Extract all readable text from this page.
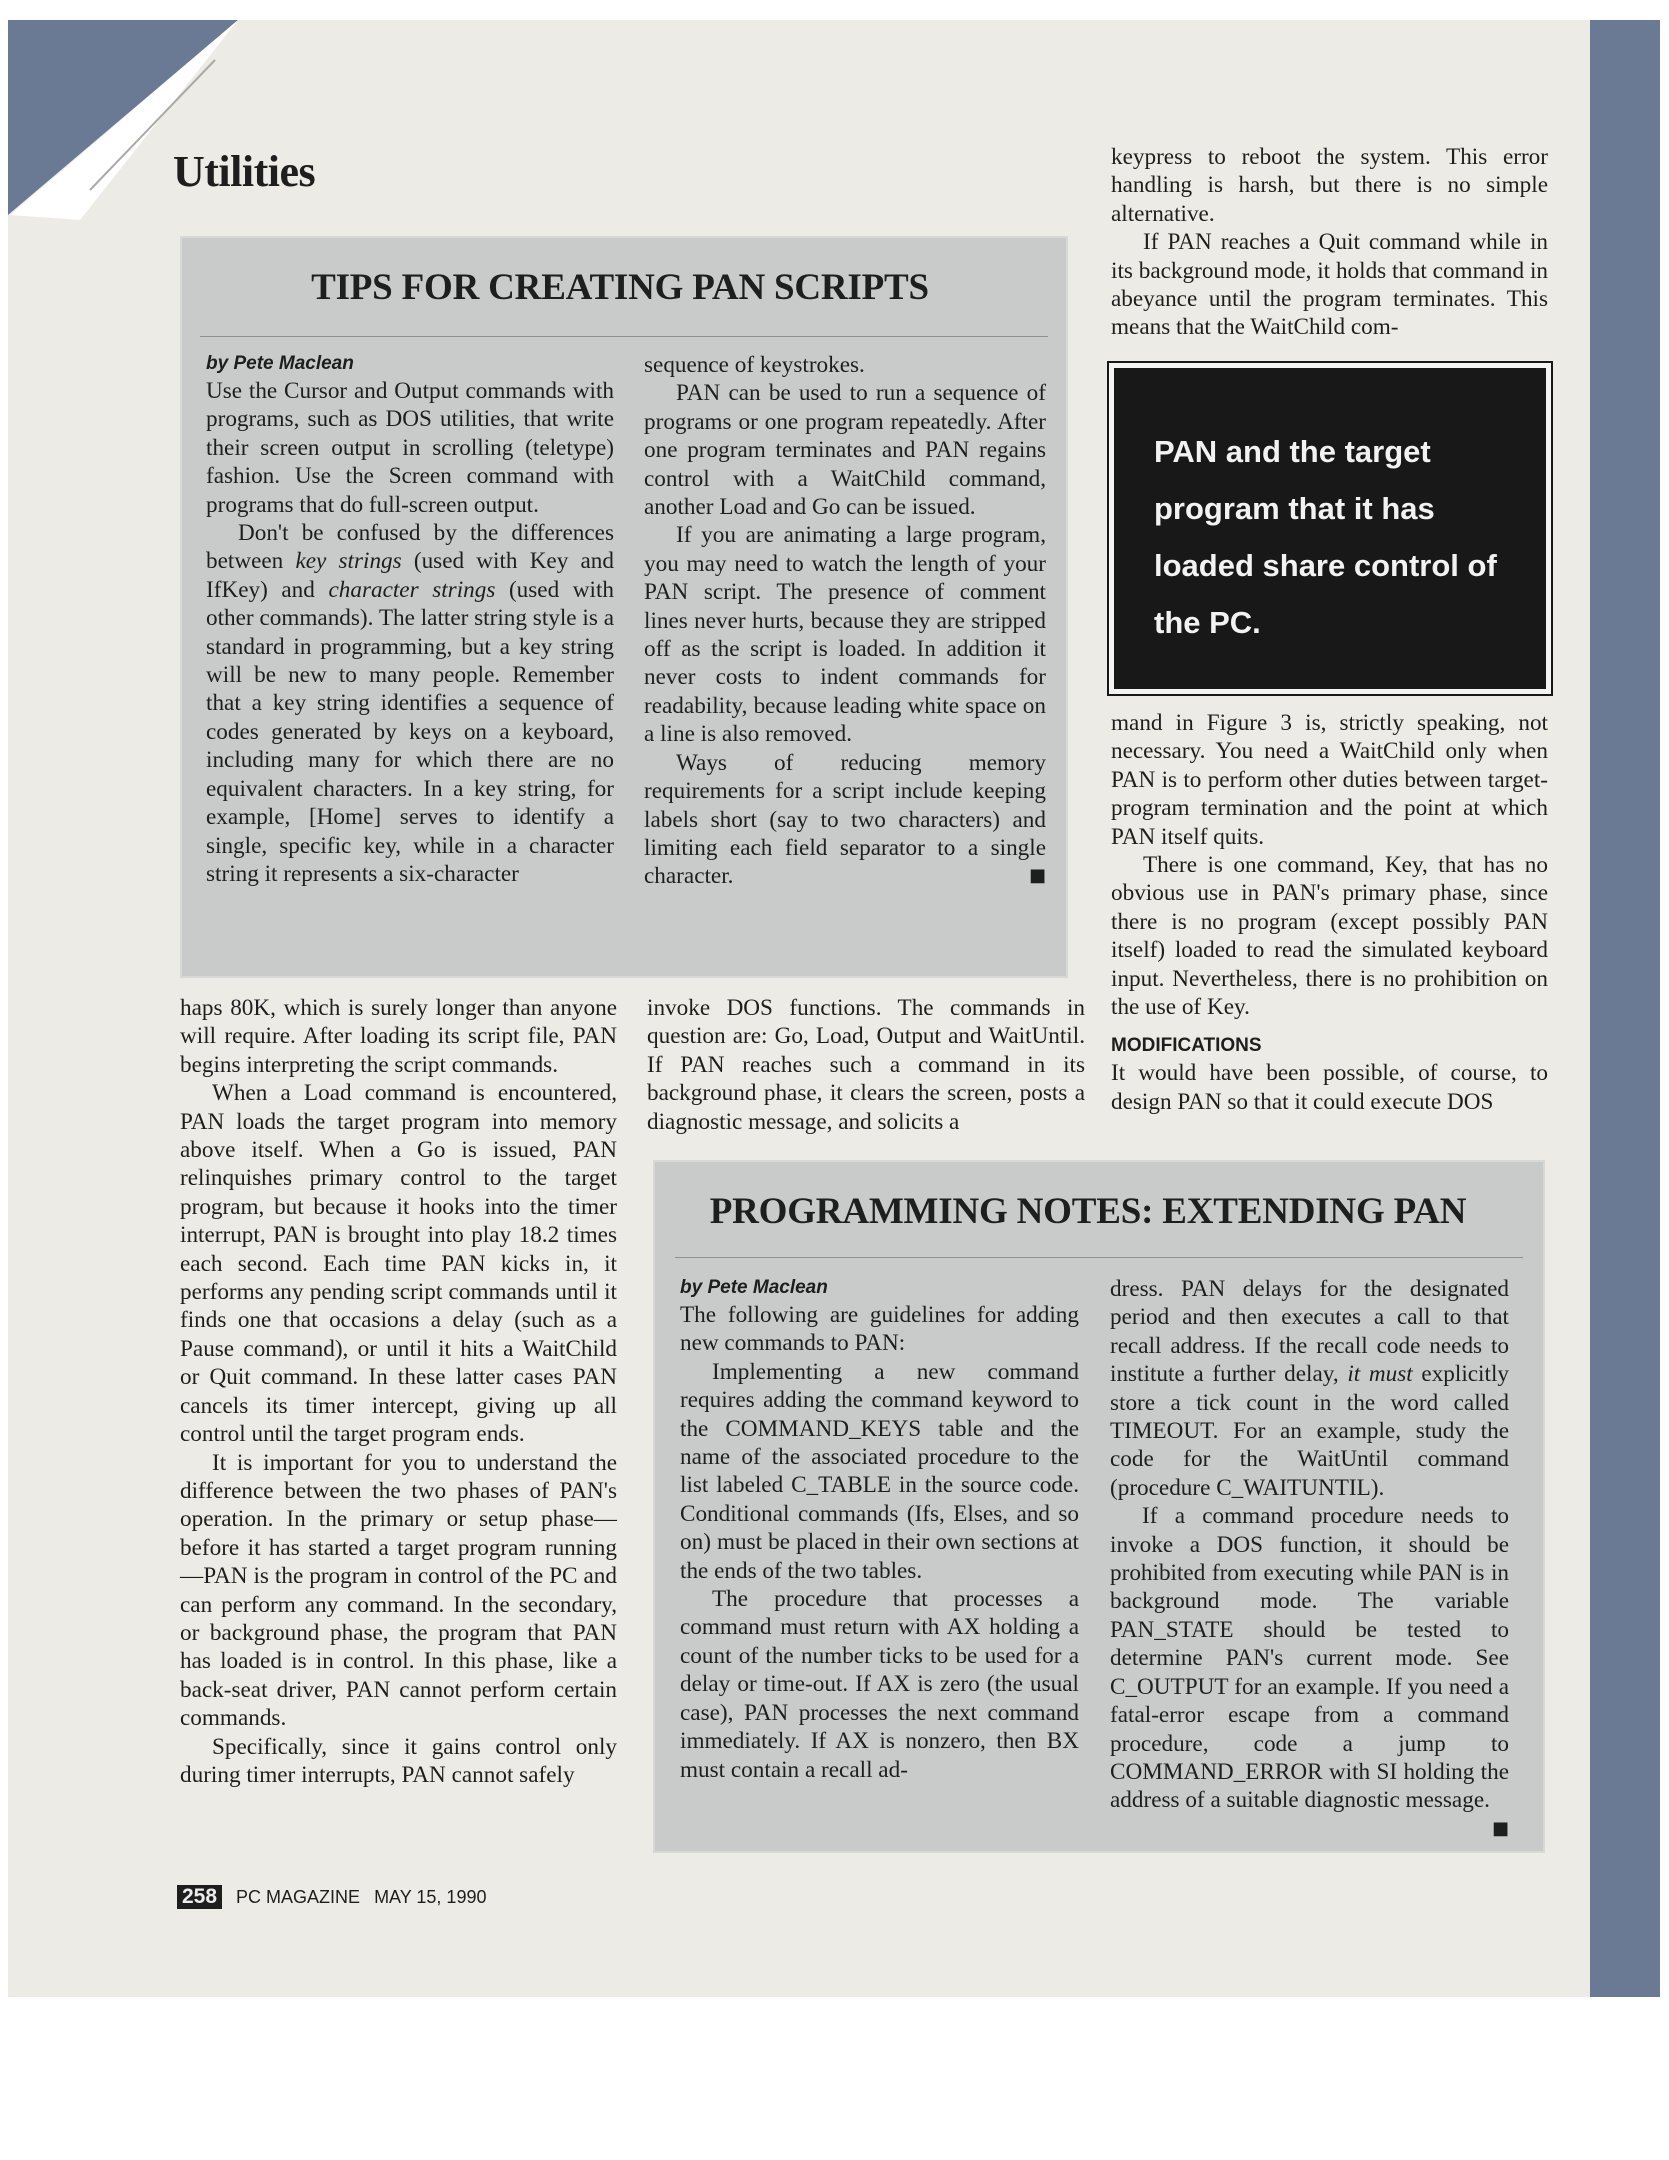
Utilities
TIPS FOR CREATING PAN SCRIPTS
by Pete Maclean

Use the Cursor and Output commands with programs, such as DOS utilities, that write their screen output in scrolling (teletype) fashion. Use the Screen command with programs that do full-screen output.

Don't be confused by the differences between key strings (used with Key and IfKey) and character strings (used with other commands). The latter string style is a standard in programming, but a key string will be new to many people. Remember that a key string identifies a sequence of codes generated by keys on a keyboard, including many for which there are no equivalent characters. In a key string, for example, [Home] serves to identify a single, specific key, while in a character string it represents a six-character

sequence of keystrokes.

PAN can be used to run a sequence of programs or one program repeatedly. After one program terminates and PAN regains control with a WaitChild command, another Load and Go can be issued.

If you are animating a large program, you may need to watch the length of your PAN script. The presence of comment lines never hurts, because they are stripped off as the script is loaded. In addition it never costs to indent commands for readability, because leading white space on a line is also removed.

Ways of reducing memory requirements for a script include keeping labels short (say to two characters) and limiting each field separator to a single character.	■

haps 80K, which is surely longer than anyone will require. After loading its script file, PAN begins interpreting the script commands.

When a Load command is encountered, PAN loads the target program into memory above itself. When a Go is issued, PAN relinquishes primary control to the target program, but because it hooks into the timer interrupt, PAN is brought into play 18.2 times each second. Each time PAN kicks in, it performs any pending script commands until it finds one that occasions a delay (such as a Pause command), or until it hits a WaitChild or Quit command. In these latter cases PAN cancels its timer intercept, giving up all control until the target program ends.

It is important for you to understand the difference between the two phases of PAN's operation. In the primary or setup phase—before it has started a target program running—PAN is the program in control of the PC and can perform any command. In the secondary, or background phase, the program that PAN has loaded is in control. In this phase, like a back-seat driver, PAN cannot perform certain commands.

Specifically, since it gains control only during timer interrupts, PAN cannot safely

invoke DOS functions. The commands in question are: Go, Load, Output and WaitUntil. If PAN reaches such a command in its background phase, it clears the screen, posts a diagnostic message, and solicits a

keypress to reboot the system. This error handling is harsh, but there is no simple alternative.

If PAN reaches a Quit command while in its background mode, it holds that command in abeyance until the program terminates. This means that the WaitChild com-

PAN and the target program that it has loaded share control of the PC.

mand in Figure 3 is, strictly speaking, not necessary. You need a WaitChild only when PAN is to perform other duties between target-program termination and the point at which PAN itself quits.

There is one command, Key, that has no obvious use in PAN's primary phase, since there is no program (except possibly PAN itself) loaded to read the simulated keyboard input. Nevertheless, there is no prohibition on the use of Key.

MODIFICATIONS

It would have been possible, of course, to design PAN so that it could execute DOS

PROGRAMMING NOTES: EXTENDING PAN
by Pete Maclean

The following are guidelines for adding new commands to PAN:

Implementing a new command requires adding the command keyword to the COMMAND_KEYS table and the name of the associated procedure to the list labeled C_TABLE in the source code. Conditional commands (Ifs, Elses, and so on) must be placed in their own sections at the ends of the two tables.

The procedure that processes a command must return with AX holding a count of the number ticks to be used for a delay or time-out. If AX is zero (the usual case), PAN processes the next command immediately. If AX is nonzero, then BX must contain a recall ad-

dress. PAN delays for the designated period and then executes a call to that recall address. If the recall code needs to institute a further delay, it must explicitly store a tick count in the word called TIMEOUT. For an example, study the code for the WaitUntil command (procedure C_WAITUNTIL).

If a command procedure needs to invoke a DOS function, it should be prohibited from executing while PAN is in background mode. The variable PAN_STATE should be tested to determine PAN's current mode. See C_OUTPUT for an example. If you need a fatal-error escape from a command procedure, code a jump to COMMAND_ERROR with SI holding the address of a suitable diagnostic message.
■

258 PC MAGAZINE MAY 15, 1990
